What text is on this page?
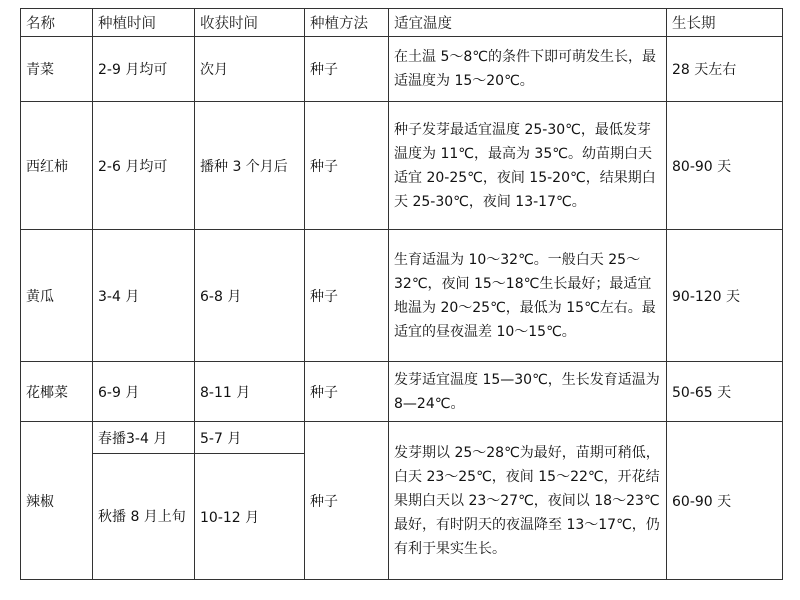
名称	种植时间	收获时间	种植方法	适宜温度	生长期
青菜	2-9 月均可	次月	种子	在土温 5～8℃的条件下即可萌发生长，最适温度为 15～20℃。	28 天左右
西红柿	2-6 月均可	播种 3 个月后	种子	种子发芽最适宜温度 25-30℃，最低发芽温度为 11℃，最高为 35℃。幼苗期白天适宜 20-25℃，夜间 15-20℃，结果期白天 25-30℃，夜间 13-17℃。	80-90 天
黄瓜	3-4 月	6-8 月	种子	生育适温为 10～32℃。一般白天 25～32℃，夜间 15～18℃生长最好；最适宜地温为 20～25℃，最低为 15℃左右。最适宜的昼夜温差 10～15℃。	90-120 天
花椰菜	6-9 月	8-11 月	种子	发芽适宜温度 15—30℃，生长发育适温为 8—24℃。	50-65 天
辣椒	春播3-4 月	5-7 月	种子	发芽期以 25～28℃为最好，苗期可稍低，白天 23～25℃，夜间 15～22℃，开花结果期白天以 23～27℃，夜间以 18～23℃最好，有时阴天的夜温降至 13～17℃，仍有利于果实生长。	60-90 天
	秋播 8 月上旬	10-12 月			
